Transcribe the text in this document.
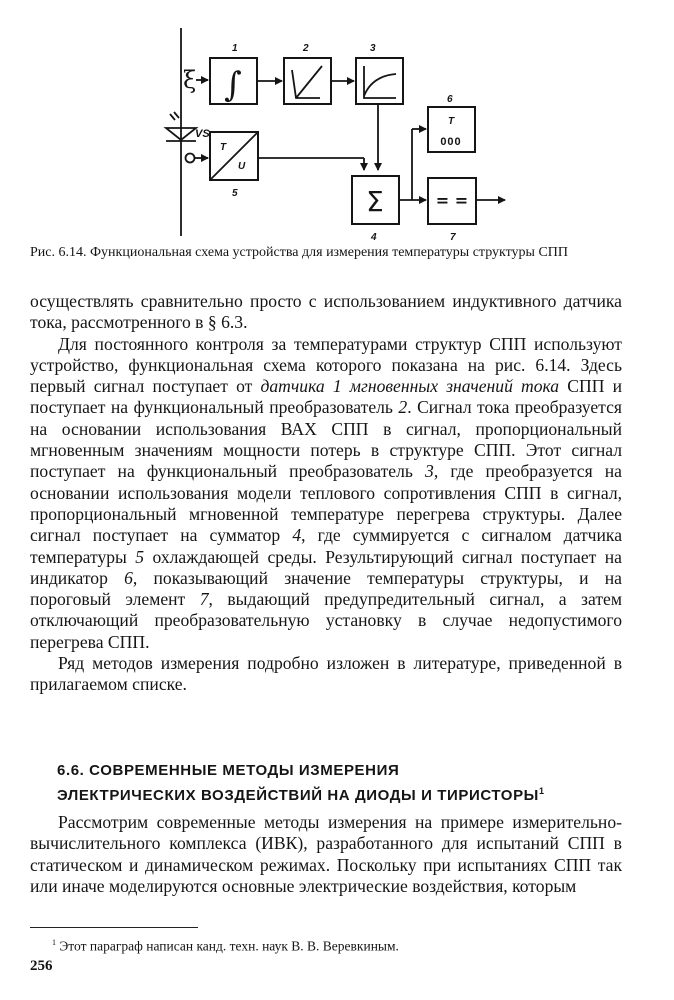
ξ ∫
1	2	3
VS
T
U
5	Σ
4
T
000
6
= =
7

Рис. 6.14. Функциональная схема устройства для измерения температуры структуры СПП

осуществлять сравнительно просто с использованием индуктивного датчика тока, рассмотренного в § 6.3.

Для постоянного контроля за температурами структур СПП используют устройство, функциональная схема которого показана на рис. 6.14. Здесь первый сигнал поступает от датчика 1 мгновенных значений тока СПП и поступает на функциональный преобразователь 2. Сигнал тока преобразуется на основании использования ВАХ СПП в сигнал, пропорциональный мгновенным значениям мощности потерь в структуре СПП. Этот сигнал поступает на функциональный преобразователь 3, где преобразуется на основании использования модели теплового сопротивления СПП в сигнал, пропорциональный мгновенной температуре перегрева структуры. Далее сигнал поступает на сумматор 4, где суммируется с сигналом датчика температуры 5 охлаждающей среды. Результирующий сигнал поступает на индикатор 6, показывающий значение температуры структуры, и на пороговый элемент 7, выдающий предупредительный сигнал, а затем отключающий преобразовательную установку в случае недопустимого перегрева СПП.

Ряд методов измерения подробно изложен в литературе, приведенной в прилагаемом списке.

6.6. СОВРЕМЕННЫЕ МЕТОДЫ ИЗМЕРЕНИЯ
ЭЛЕКТРИЧЕСКИХ ВОЗДЕЙСТВИЙ НА ДИОДЫ И ТИРИСТОРЫ$^1$

Рассмотрим современные методы измерения на примере измерительно-вычислительного комплекса (ИВК), разработанного для испытаний СПП в статическом и динамическом режимах. Поскольку при испытаниях СПП так или иначе моделируются основные электрические воздействия, которым

$^1$ Этот параграф написан канд. техн. наук В. В. Веревкиным.

256
